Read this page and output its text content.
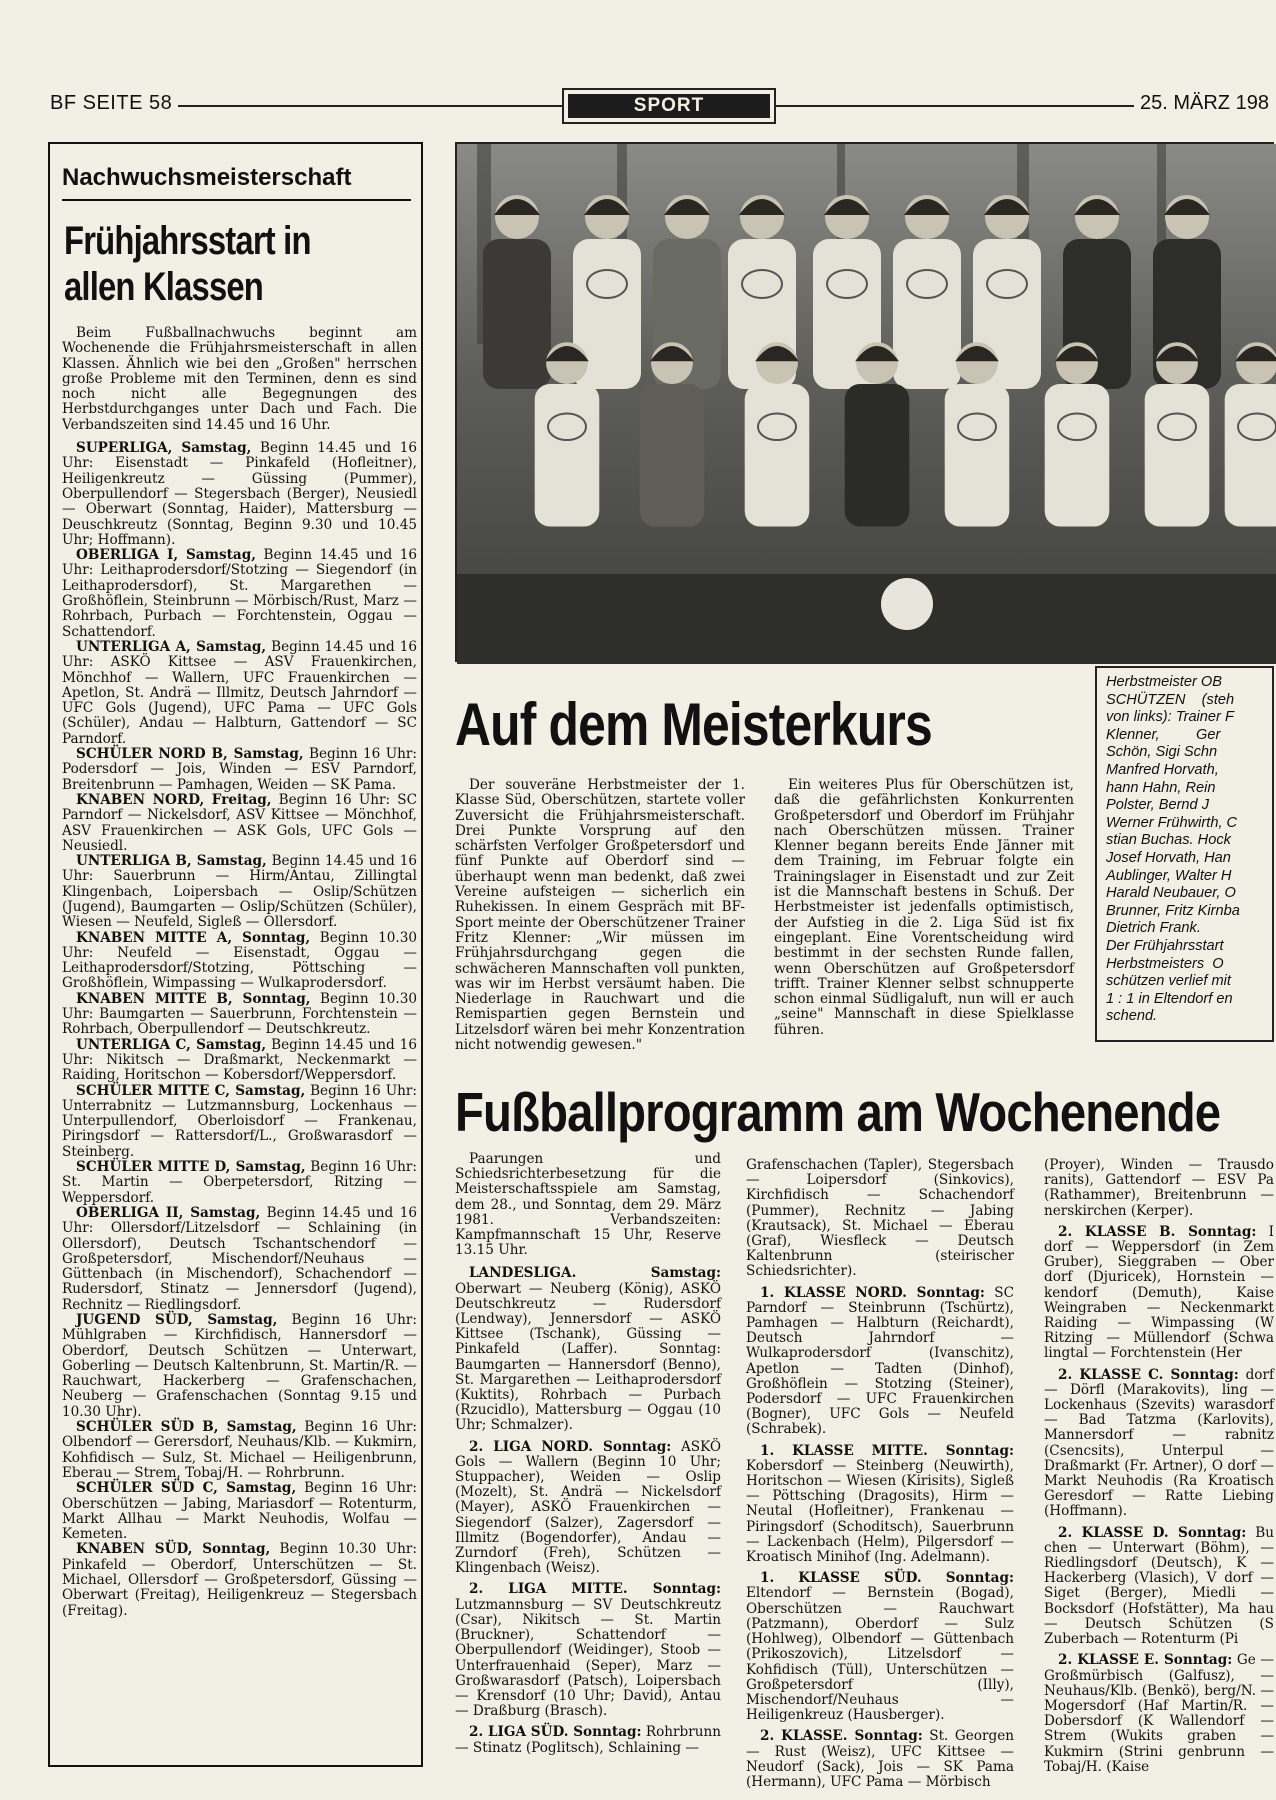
BF SEITE 58	SPORT	25. MÄRZ 198
Nachwuchsmeisterschaft
Frühjahrsstart in allen Klassen

Beim Fußballnachwuchs beginnt am Wochenende die Frühjahrsmeisterschaft in allen Klassen. Ähnlich wie bei den „Großen" herrschen große Probleme mit den Terminen, denn es sind noch nicht alle Begegnungen des Herbstdurchganges unter Dach und Fach. Die Verbandszeiten sind 14.45 und 16 Uhr.

SUPERLIGA, Samstag, Beginn 14.45 und 16 Uhr: Eisenstadt — Pinkafeld (Hofleitner), Heiligenkreutz — Güssing (Pummer), Oberpullendorf — Stegersbach (Berger), Neusiedl — Oberwart (Sonntag, Haider), Mattersburg — Deuschkreutz (Sonntag, Beginn 9.30 und 10.45 Uhr; Hoffmann).

OBERLIGA I, Samstag, Beginn 14.45 und 16 Uhr: Leithaprodersdorf/Stotzing — Siegendorf (in Leithaprodersdorf), St. Margarethen — Großhöflein, Steinbrunn — Mörbisch/Rust, Marz — Rohrbach, Purbach — Forchtenstein, Oggau — Schattendorf.

UNTERLIGA A, Samstag, Beginn 14.45 und 16 Uhr: ASKÖ Kittsee — ASV Frauenkirchen, Mönchhof — Wallern, UFC Frauenkirchen — Apetlon, St. Andrä — Illmitz, Deutsch Jahrndorf — UFC Gols (Jugend), UFC Pama — UFC Gols (Schüler), Andau — Halbturn, Gattendorf — SC Parndorf.

SCHÜLER NORD B, Samstag, Beginn 16 Uhr: Podersdorf — Jois, Winden — ESV Parndorf, Breitenbrunn — Pamhagen, Weiden — SK Pama.

KNABEN NORD, Freitag, Beginn 16 Uhr: SC Parndorf — Nickelsdorf, ASV Kittsee — Mönchhof, ASV Frauenkirchen — ASK Gols, UFC Gols — Neusiedl.

UNTERLIGA B, Samstag, Beginn 14.45 und 16 Uhr: Sauerbrunn — Hirm/Antau, Zillingtal Klingenbach, Loipersbach — Oslip/Schützen (Jugend), Baumgarten — Oslip/Schützen (Schüler), Wiesen — Neufeld, Siglеß — Ollersdorf.

KNABEN MITTE A, Sonntag, Beginn 10.30 Uhr: Neufeld — Eisenstadt, Oggau — Leithaprodersdorf/Stotzing, Pöttsching — Großhöflein, Wimpassing — Wulkaprodersdorf.

KNABEN MITTE B, Sonntag, Beginn 10.30 Uhr: Baumgarten — Sauerbrunn, Forchtenstein — Rohrbach, Oberpullendorf — Deutschkreutz.

UNTERLIGA C, Samstag, Beginn 14.45 und 16 Uhr: Nikitsch — Draßmarkt, Neckenmarkt — Raiding, Horitschon — Kobersdorf/Weppersdorf.

SCHÜLER MITTE C, Samstag, Beginn 16 Uhr: Unterrabnitz — Lutzmannsburg, Lockenhaus — Unterpullendorf, Oberloisdorf — Frankenau, Piringsdorf — Rattersdorf/L., Großwarasdorf — Steinberg.

SCHÜLER MITTE D, Samstag, Beginn 16 Uhr: St. Martin — Oberpetersdorf, Ritzing — Weppersdorf.

OBERLIGA II, Samstag, Beginn 14.45 und 16 Uhr: Ollersdorf/Litzelsdorf — Schlaining (in Ollersdorf), Deutsch Tschantschendorf — Großpetersdorf, Mischendorf/Neuhaus — Güttenbach (in Mischendorf), Schachendorf — Rudersdorf, Stinatz — Jennersdorf (Jugend), Rechnitz — Riedlingsdorf.

JUGEND SÜD, Samstag, Beginn 16 Uhr: Mühlgraben — Kirchfidisch, Hannersdorf — Oberdorf, Deutsch Schützen — Unterwart, Goberling — Deutsch Kaltenbrunn, St. Martin/R. — Rauchwart, Hackerberg — Grafenschachen, Neuberg — Grafenschachen (Sonntag 9.15 und 10.30 Uhr).

SCHÜLER SÜD B, Samstag, Beginn 16 Uhr: Olbendorf — Gerersdorf, Neuhaus/Klb. — Kukmirn, Kohfidisch — Sulz, St. Michael — Heiligenbrunn, Eberau — Strem, Tobaj/H. — Rohrbrunn.

SCHÜLER SÜD C, Samstag, Beginn 16 Uhr: Oberschützen — Jabing, Mariasdorf — Rotenturm, Markt Allhau — Markt Neuhodis, Wolfau — Kemeten.

KNABEN SÜD, Sonntag, Beginn 10.30 Uhr: Pinkafeld — Oberdorf, Unterschützen — St. Michael, Ollersdorf — Großpetersdorf, Güssing — Oberwart (Freitag), Heiligenkreuz — Stegersbach (Freitag).

Herbstmeister OB
SCHÜTZEN    (steh
von links): Trainer F
Klenner,         Ger
Schön, Sigi Schn
Manfred Horvath,
hann Hahn, Rein
Polster, Bernd J
Werner Frühwirth, C
stian Buchas. Hock
Josef Horvath, Han
Aublinger, Walter H
Harald Neubauer, O
Brunner, Fritz Kirnba
Dietrich Frank.
Der Frühjahrsstart
Herbstmeisters  O
schützen verlief mit
1 : 1 in Eltendorf en
schend.
Auf dem Meisterkurs

Der souveräne Herbstmeister der 1. Klasse Süd, Oberschützen, startete voller Zuversicht die Frühjahrsmeisterschaft. Drei Punkte Vorsprung auf den schärfsten Verfolger Großpetersdorf und fünf Punkte auf Oberdorf sind — überhaupt wenn man bedenkt, daß zwei Vereine aufsteigen — sicherlich ein Ruhekissen. In einem Gespräch mit BF-Sport meinte der Oberschützener Trainer Fritz Klenner: „Wir müssen im Frühjahrsdurchgang gegen die schwächeren Mannschaften voll punkten, was wir im Herbst versäumt haben. Die Niederlage in Rauchwart und die Remispartien gegen Bernstein und Litzelsdorf wären bei mehr Konzentration nicht notwendig gewesen."

Ein weiteres Plus für Oberschützen ist, daß die gefährlichsten Konkurrenten Großpetersdorf und Oberdorf im Frühjahr nach Oberschützen müssen. Trainer Klenner begann bereits Ende Jänner mit dem Training, im Februar folgte ein Trainingslager in Eisenstadt und zur Zeit ist die Mannschaft bestens in Schuß. Der Herbstmeister ist jedenfalls optimistisch, der Aufstieg in die 2. Liga Süd ist fix eingeplant. Eine Vorentscheidung wird bestimmt in der sechsten Runde fallen, wenn Oberschützen auf Großpetersdorf trifft. Trainer Klenner selbst schnupperte schon einmal Südligaluft, nun will er auch „seine" Mannschaft in diese Spielklasse führen.

Fußballprogramm am Wochenende

Paarungen und Schiedsrichterbesetzung für die Meisterschaftsspiele am Samstag, dem 28., und Sonntag, dem 29. März 1981. Verbandszeiten: Kampfmannschaft 15 Uhr, Reserve 13.15 Uhr.

LANDESLIGA. Samstag: Oberwart — Neuberg (König), ASKÖ Deutschkreutz — Rudersdorf (Lendway), Jennersdorf — ASKÖ Kittsee (Tschank), Güssing — Pinkafeld (Laffer). Sonntag: Baumgarten — Hannersdorf (Benno), St. Margarethen — Leithaprodersdorf (Kuktits), Rohrbach — Purbach (Rzucidlo), Mattersburg — Oggau (10 Uhr; Schmalzer).

2. LIGA NORD. Sonntag: ASKÖ Gols — Wallern (Beginn 10 Uhr; Stuppacher), Weiden — Oslip (Mozelt), St. Andrä — Nickelsdorf (Mayer), ASKÖ Frauenkirchen — Siegendorf (Salzer), Zagersdorf — Illmitz (Bogendorfer), Andau — Zurndorf (Freh), Schützen — Klingenbach (Weisz).

2. LIGA MITTE. Sonntag: Lutzmannsburg — SV Deutschkreutz (Csar), Nikitsch — St. Martin (Bruckner), Schattendorf — Oberpullendorf (Weidinger), Stoob — Unterfrauenhaid (Seper), Marz — Großwarasdorf (Patsch), Loipersbach — Krensdorf (10 Uhr; David), Antau — Draßburg (Brasch).

2. LIGA SÜD. Sonntag: Rohrbrunn — Stinatz (Poglitsch), Schlaining —

Grafenschachen (Tapler), Stegersbach — Loipersdorf (Sinkovics), Kirchfidisch — Schachendorf (Pummer), Rechnitz — Jabing (Krautsack), St. Michael — Eberau (Graf), Wiesfleck — Deutsch Kaltenbrunn (steirischer Schiedsrichter).

1. KLASSE NORD. Sonntag: SC Parndorf — Steinbrunn (Tschürtz), Pamhagen — Halbturn (Reichardt), Deutsch Jahrndorf — Wulkaprodersdorf (Ivanschitz), Apetlon — Tadten (Dinhof), Großhöflein — Stotzing (Steiner), Podersdorf — UFC Frauenkirchen (Bogner), UFC Gols — Neufeld (Schrabek).

1. KLASSE MITTE. Sonntag: Kobersdorf — Steinberg (Neuwirth), Horitschon — Wiesen (Kirisits), Sigleß — Pöttsching (Dragosits), Hirm — Neutal (Hofleitner), Frankenau — Piringsdorf (Schoditsch), Sauerbrunn — Lackenbach (Helm), Pilgersdorf — Kroatisch Minihof (Ing. Adelmann).

1. KLASSE SÜD. Sonntag: Eltendorf — Bernstein (Bogad), Oberschützen — Rauchwart (Patzmann), Oberdorf — Sulz (Hohlweg), Olbendorf — Güttenbach (Prikoszovich), Litzelsdorf — Kohfidisch (Tüll), Unterschützen — Großpetersdorf (Illy), Mischendorf/Neuhaus — Heiligenkreuz (Hausberger).

2. KLASSE. Sonntag: St. Georgen — Rust (Weisz), UFC Kittsee — Neudorf (Sack), Jois — SK Pama (Hermann), UFC Pama — Mörbisch

(Proyer), Winden — Trausdo ranits), Gattendorf — ESV Pa (Rathammer), Breitenbrunn — nerskirchen (Kerper).

2. KLASSE B. Sonntag: I dorf — Weppersdorf (in Zem Gruber), Sieggraben — Ober dorf (Djuricek), Hornstein — kendorf (Demuth), Kaise Weingraben — Neckenmarkt Raiding — Wimpassing (W Ritzing — Müllendorf (Schwa lingtal — Forchtenstein (Her

2. KLASSE C. Sonntag: dorf — Dörfl (Marakovits), ling — Lockenhaus (Szevits) warasdorf — Bad Tatzma (Karlovits), Mannersdorf — rabnitz (Csencsits), Unterpul — Draßmarkt (Fr. Artner), O dorf — Markt Neuhodis (Ra Kroatisch Geresdorf — Ratte Liebing (Hoffmann).

2. KLASSE D. Sonntag: Bu chen — Unterwart (Böhm), — Riedlingsdorf (Deutsch), K — Hackerberg (Vlasich), V dorf — Siget (Berger), Miedli — Bocksdorf (Hofstätter), Ma hau — Deutsch Schützen (S Zuberbach — Rotenturm (Pi

2. KLASSE E. Sonntag: Ge — Großmürbisch (Galfusz), — Neuhaus/Klb. (Benkö), berg/N. — Mogersdorf (Haf Martin/R. — Dobersdorf (K Wallendorf — Strem (Wukits graben — Kukmirn (Strini genbrunn — Tobaj/H. (Kaise
